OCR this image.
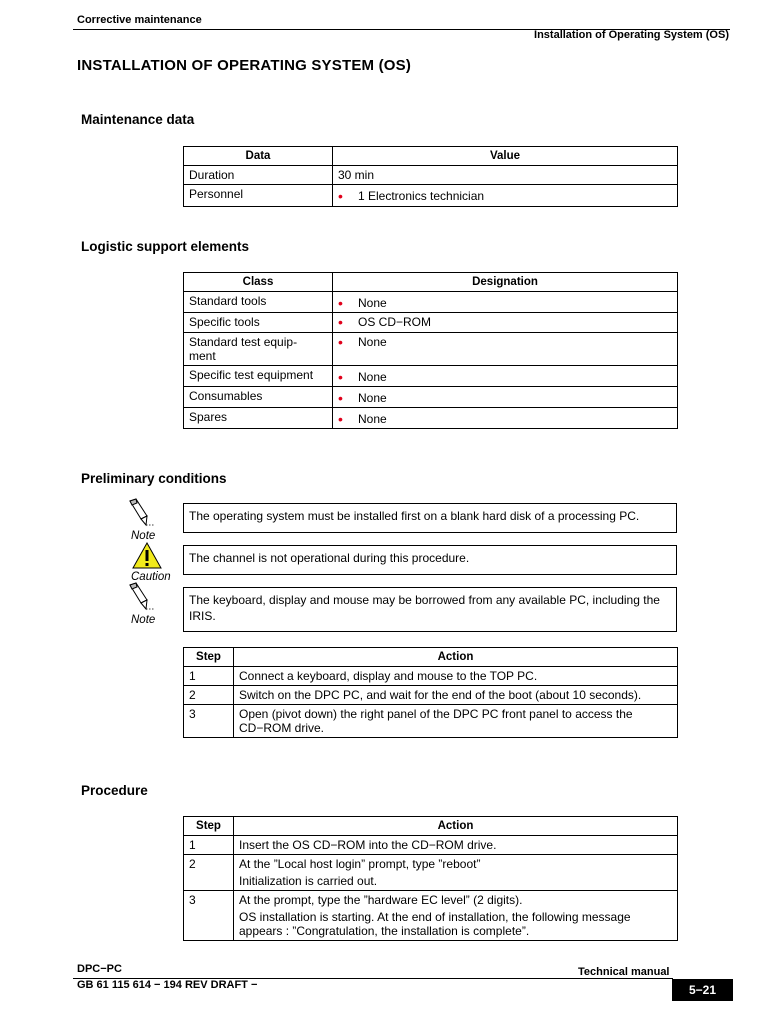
Corrective maintenance
Installation of Operating System (OS)
INSTALLATION OF OPERATING SYSTEM (OS)
Maintenance data
Data	Value
Duration	30 min
Personnel	• 1 Electronics technician
Logistic support elements
Class	Designation
Standard tools	• None
Specific tools	• OS CD−ROM
Standard test equip-ment	• None
Specific test equipment	• None
Consumables	• None
Spares	• None
Preliminary conditions
Note
The operating system must be installed first on a blank hard disk of a processing PC.
Caution
The channel is not operational during this procedure.
Note
The keyboard, display and mouse may be borrowed from any available PC, including the IRIS.
Step	Action
1	Connect a keyboard, display and mouse to the TOP PC.
2	Switch on the DPC PC, and wait for the end of the boot (about 10 seconds).
3	Open (pivot down) the right panel of the DPC PC front panel to access the CD−ROM drive.
Procedure
Step	Action
1	Insert the OS CD−ROM into the CD−ROM drive.
2	At the ”Local host login” prompt, type ”reboot”
Initialization is carried out.

3	At the prompt, type the ”hardware EC level” (2 digits).
OS installation is starting. At the end of installation, the following message appears : ”Congratulation, the installation is complete”.
DPC−PC
GB 61 115 614 − 194 REV DRAFT −
Technical manual
5−21
